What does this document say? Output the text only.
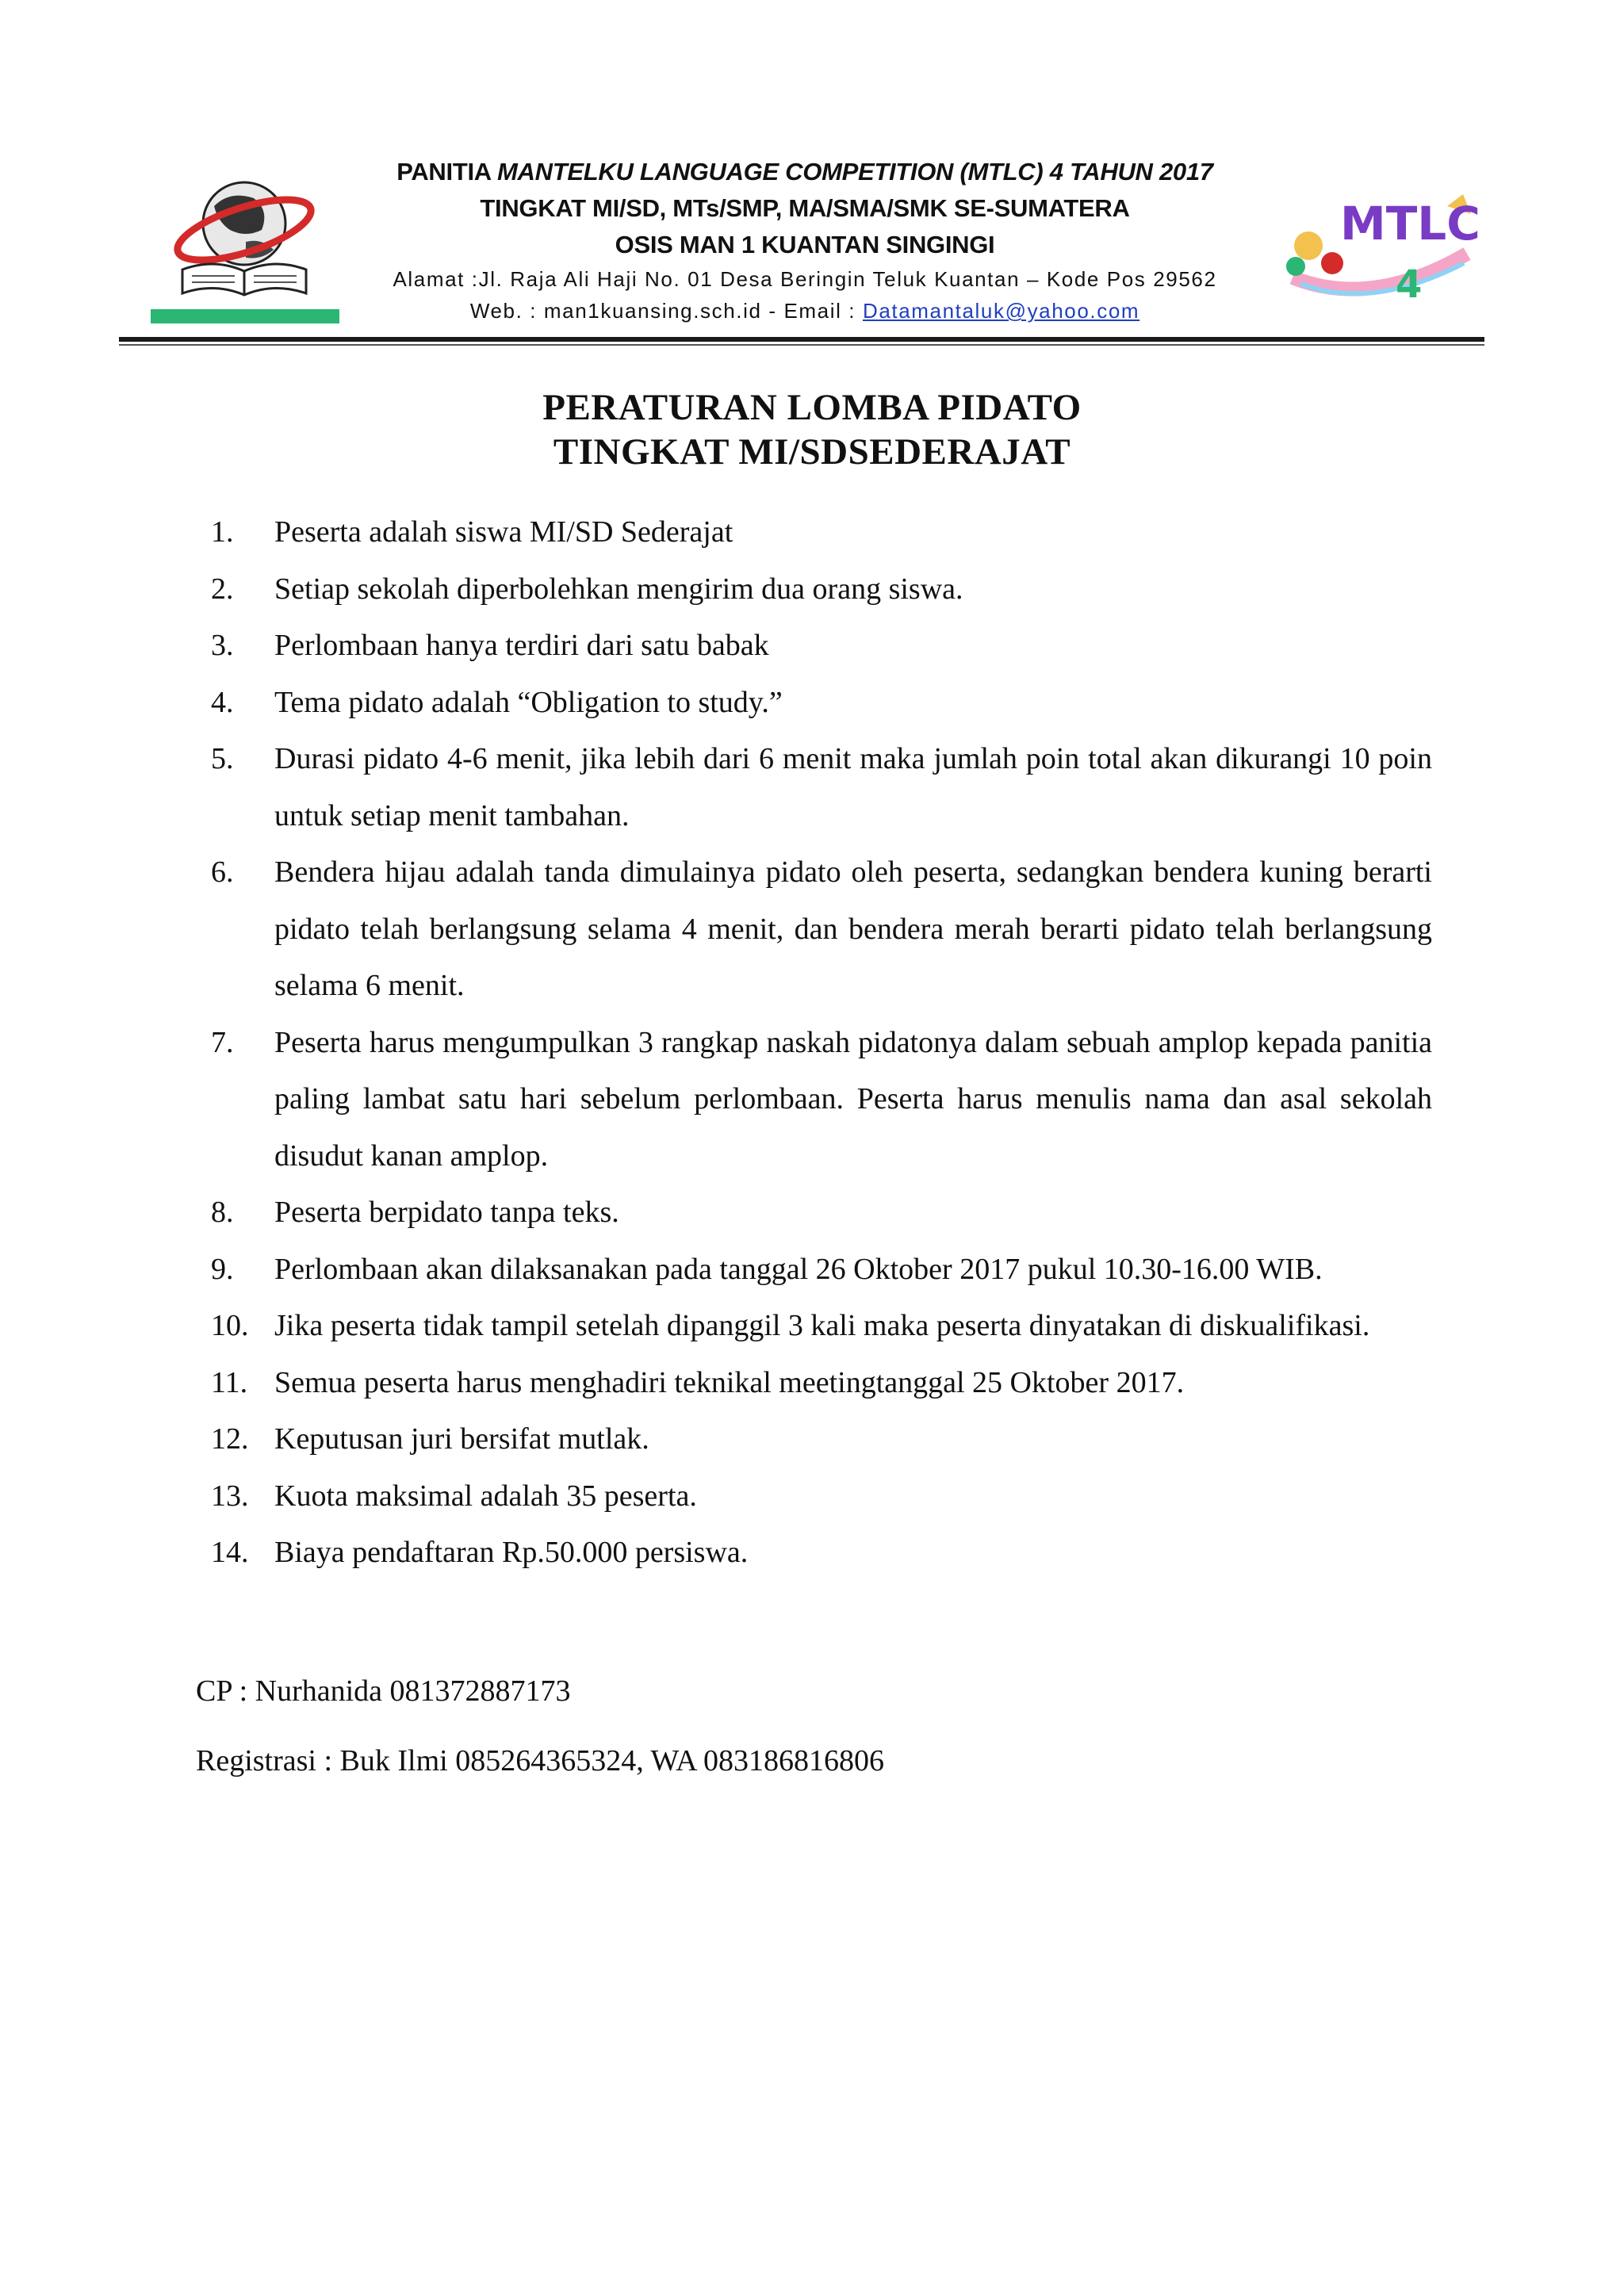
PANITIA MANTELKU LANGUAGE COMPETITION (MTLC) 4 TAHUN 2017
TINGKAT MI/SD, MTs/SMP, MA/SMA/SMK SE-SUMATERA
OSIS MAN 1 KUANTAN SINGINGI
Alamat :Jl. Raja Ali Haji No. 01 Desa Beringin Teluk Kuantan – Kode Pos 29562
Web. : man1kuansing.sch.id - Email : Datamantaluk@yahoo.com
MTLC
4
PERATURAN LOMBA PIDATO
TINGKAT MI/SDSEDERAJAT
1. Peserta adalah siswa MI/SD Sederajat
2. Setiap sekolah diperbolehkan mengirim dua orang siswa.
3. Perlombaan hanya terdiri dari satu babak
4. Tema pidato adalah “Obligation to study.”
5. Durasi pidato 4-6 menit, jika lebih dari 6 menit maka jumlah poin total akan dikurangi 10 poin untuk setiap menit tambahan.
6. Bendera hijau adalah tanda dimulainya pidato oleh peserta, sedangkan bendera kuning berarti pidato telah berlangsung selama 4 menit, dan bendera merah berarti pidato telah berlangsung selama 6 menit.
7. Peserta harus mengumpulkan 3 rangkap naskah pidatonya dalam sebuah amplop kepada panitia paling lambat satu hari sebelum perlombaan. Peserta harus menulis nama dan asal sekolah disudut kanan amplop.
8. Peserta berpidato tanpa teks.
9. Perlombaan akan dilaksanakan pada tanggal 26 Oktober 2017 pukul 10.30-16.00 WIB.
10. Jika peserta tidak tampil setelah dipanggil 3 kali maka peserta dinyatakan di diskualifikasi.
11. Semua peserta harus menghadiri teknikal meetingtanggal 25 Oktober 2017.
12. Keputusan juri bersifat mutlak.
13. Kuota maksimal adalah 35 peserta.
14. Biaya pendaftaran Rp.50.000 persiswa.
CP : Nurhanida 081372887173
Registrasi : Buk Ilmi 085264365324, WA 083186816806
